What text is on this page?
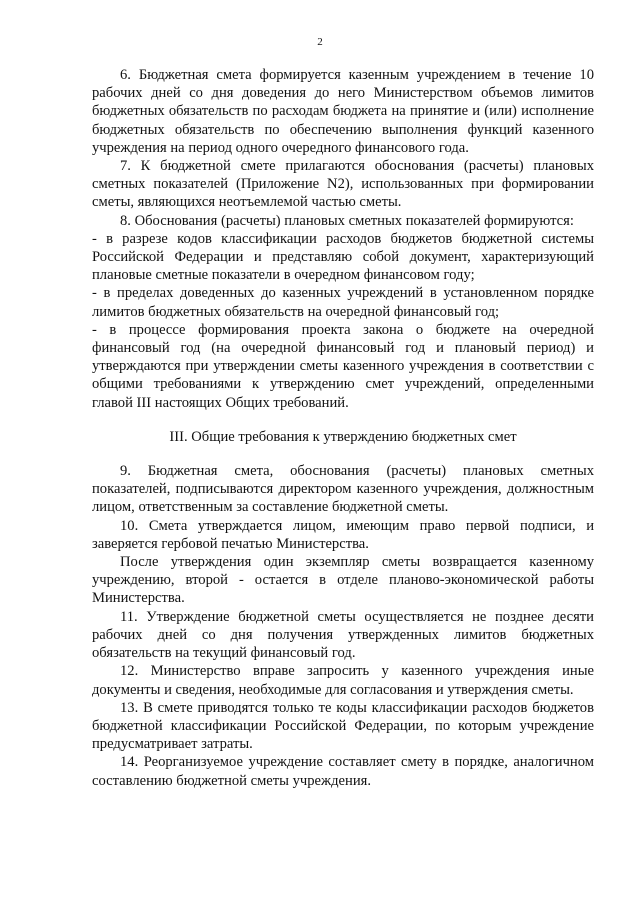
2

6. Бюджетная смета формируется казенным учреждением в течение 10 рабочих дней со дня доведения до него Министерством объемов лимитов бюджетных обязательств по расходам бюджета на принятие и (или) исполнение бюджетных обязательств по обеспечению выполнения функций казенного учреждения на период одного очередного финансового года.

7. К бюджетной смете прилагаются обоснования (расчеты) плановых сметных показателей (Приложение N2), использованных при формировании сметы, являющихся неотъемлемой частью сметы.

8. Обоснования (расчеты) плановых сметных показателей формируются:

- в разрезе кодов классификации расходов бюджетов бюджетной системы Российской Федерации и представляю собой документ, характеризующий плановые сметные показатели в очередном финансовом году;

- в пределах доведенных до казенных учреждений в установленном порядке лимитов бюджетных обязательств на очередной финансовый год;

- в процессе формирования проекта закона о бюджете на очередной финансовый год (на очередной финансовый год и плановый период) и утверждаются при утверждении сметы казенного учреждения в соответствии с общими требованиями к утверждению смет учреждений, определенными главой III настоящих Общих требований.

III. Общие требования к утверждению бюджетных смет

9. Бюджетная смета, обоснования (расчеты) плановых сметных показателей, подписываются директором казенного учреждения, должностным лицом, ответственным за составление бюджетной сметы.

10. Смета утверждается лицом, имеющим право первой подписи, и заверяется гербовой печатью Министерства.

После утверждения один экземпляр сметы возвращается казенному учреждению, второй - остается в отделе планово-экономической работы Министерства.

11. Утверждение бюджетной сметы осуществляется не позднее десяти рабочих дней со дня получения утвержденных лимитов бюджетных обязательств на текущий финансовый год.

12. Министерство вправе запросить у казенного учреждения иные документы и сведения, необходимые для согласования и утверждения сметы.

13. В смете приводятся только те коды классификации расходов бюджетов бюджетной классификации Российской Федерации, по которым учреждение предусматривает затраты.

14. Реорганизуемое учреждение составляет смету в порядке, аналогичном составлению бюджетной сметы учреждения.
